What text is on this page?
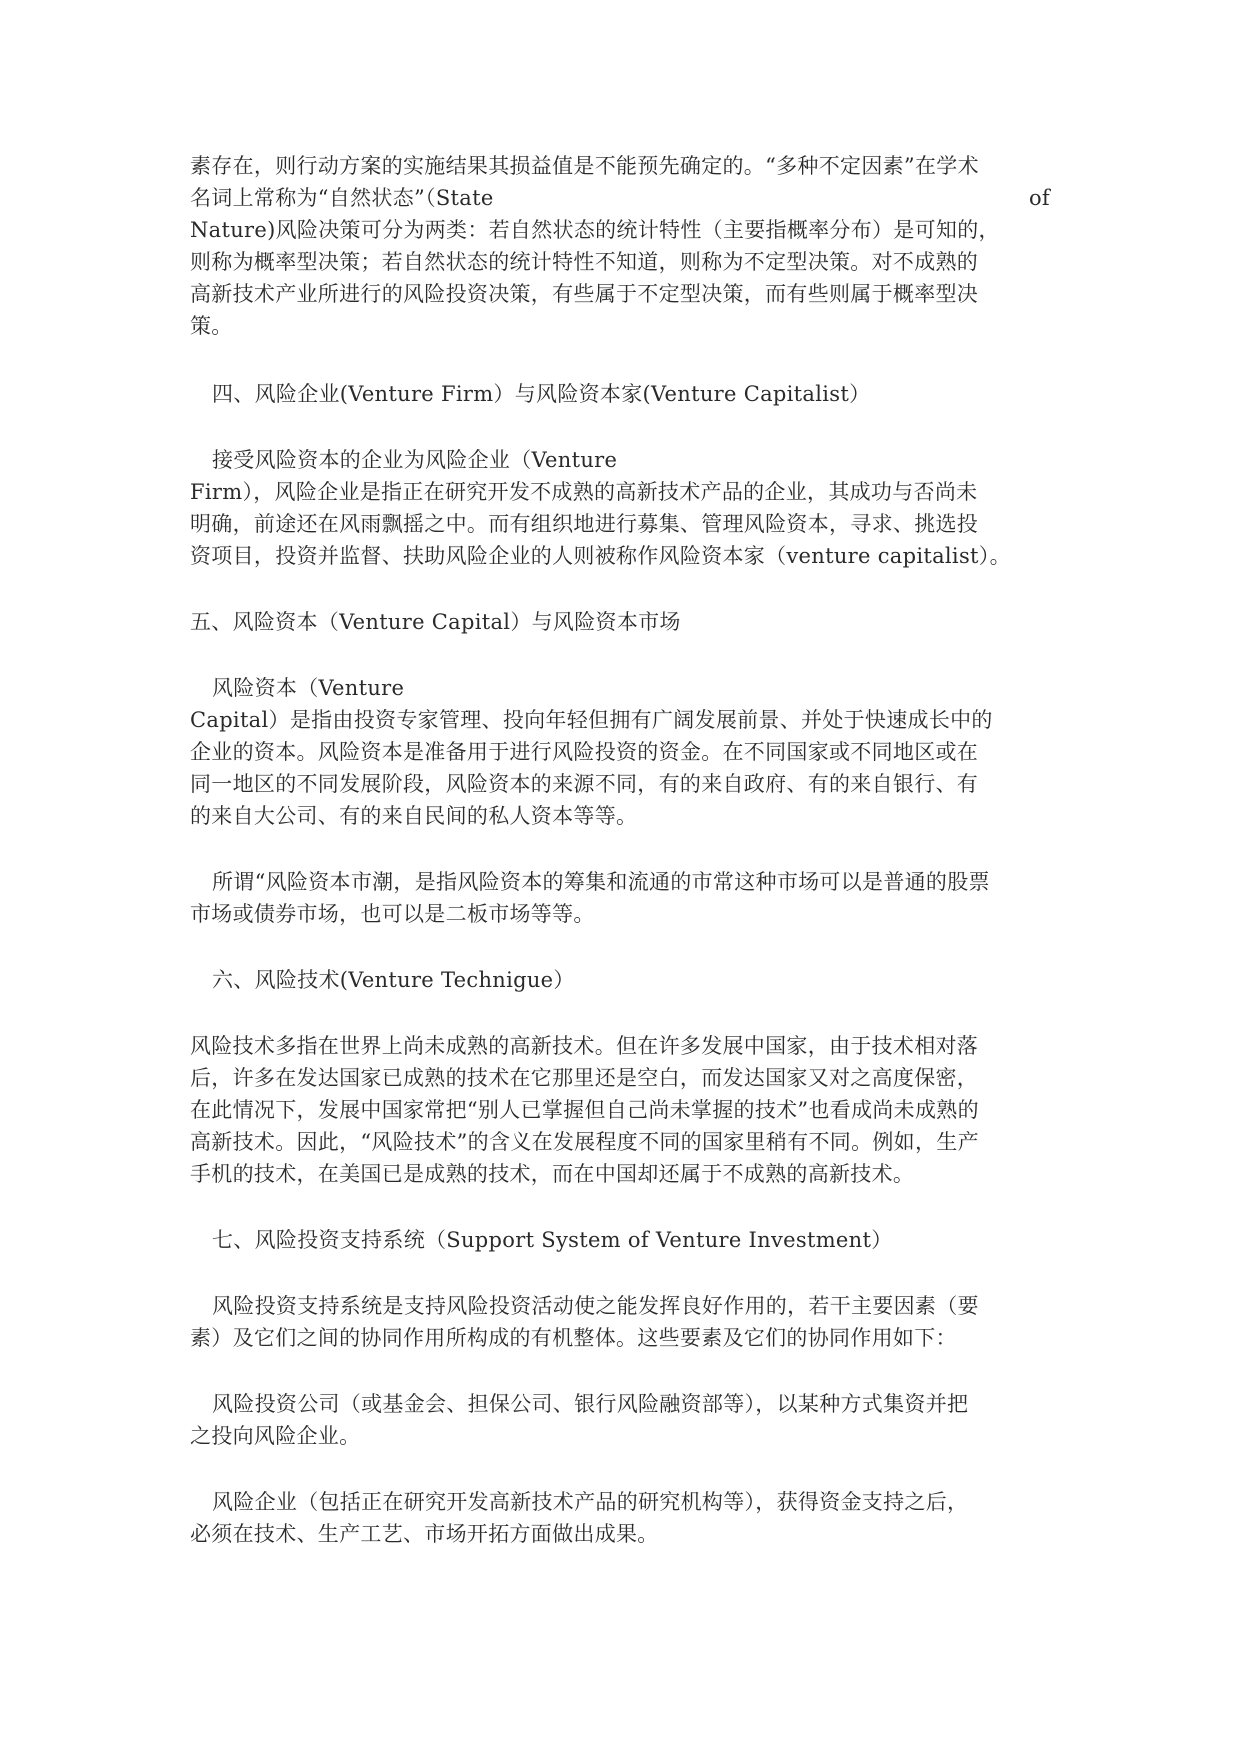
素存在，则行动方案的实施结果其损益值是不能预先确定的。“多种不定因素”在学术
名词上常称为“自然状态”（State	of
Nature)风险决策可分为两类：若自然状态的统计特性（主要指概率分布）是可知的，
则称为概率型决策；若自然状态的统计特性不知道，则称为不定型决策。对不成熟的
高新技术产业所进行的风险投资决策，有些属于不定型决策，而有些则属于概率型决
策。
四、风险企业(Venture Firm）与风险资本家(Venture Capitalist）
接受风险资本的企业为风险企业（Venture
Firm），风险企业是指正在研究开发不成熟的高新技术产品的企业，其成功与否尚未
明确，前途还在风雨飘摇之中。而有组织地进行募集、管理风险资本，寻求、挑选投
资项目，投资并监督、扶助风险企业的人则被称作风险资本家（venture capitalist）。
五、风险资本（Venture Capital）与风险资本市场
风险资本（Venture
Capital）是指由投资专家管理、投向年轻但拥有广阔发展前景、并处于快速成长中的
企业的资本。风险资本是准备用于进行风险投资的资金。在不同国家或不同地区或在
同一地区的不同发展阶段，风险资本的来源不同，有的来自政府、有的来自银行、有
的来自大公司、有的来自民间的私人资本等等。
所谓“风险资本市潮，是指风险资本的筹集和流通的市常这种市场可以是普通的股票
市场或债券市场，也可以是二板市场等等。
六、风险技术(Venture Technigue）
风险技术多指在世界上尚未成熟的高新技术。但在许多发展中国家，由于技术相对落
后，许多在发达国家已成熟的技术在它那里还是空白，而发达国家又对之高度保密，
在此情况下，发展中国家常把“别人已掌握但自己尚未掌握的技术”也看成尚未成熟的
高新技术。因此，“风险技术”的含义在发展程度不同的国家里稍有不同。例如，生产
手机的技术，在美国已是成熟的技术，而在中国却还属于不成熟的高新技术。
七、风险投资支持系统（Support System of Venture Investment）
风险投资支持系统是支持风险投资活动使之能发挥良好作用的，若干主要因素（要
素）及它们之间的协同作用所构成的有机整体。这些要素及它们的协同作用如下：
风险投资公司（或基金会、担保公司、银行风险融资部等），以某种方式集资并把
之投向风险企业。
风险企业（包括正在研究开发高新技术产品的研究机构等），获得资金支持之后，
必须在技术、生产工艺、市场开拓方面做出成果。
